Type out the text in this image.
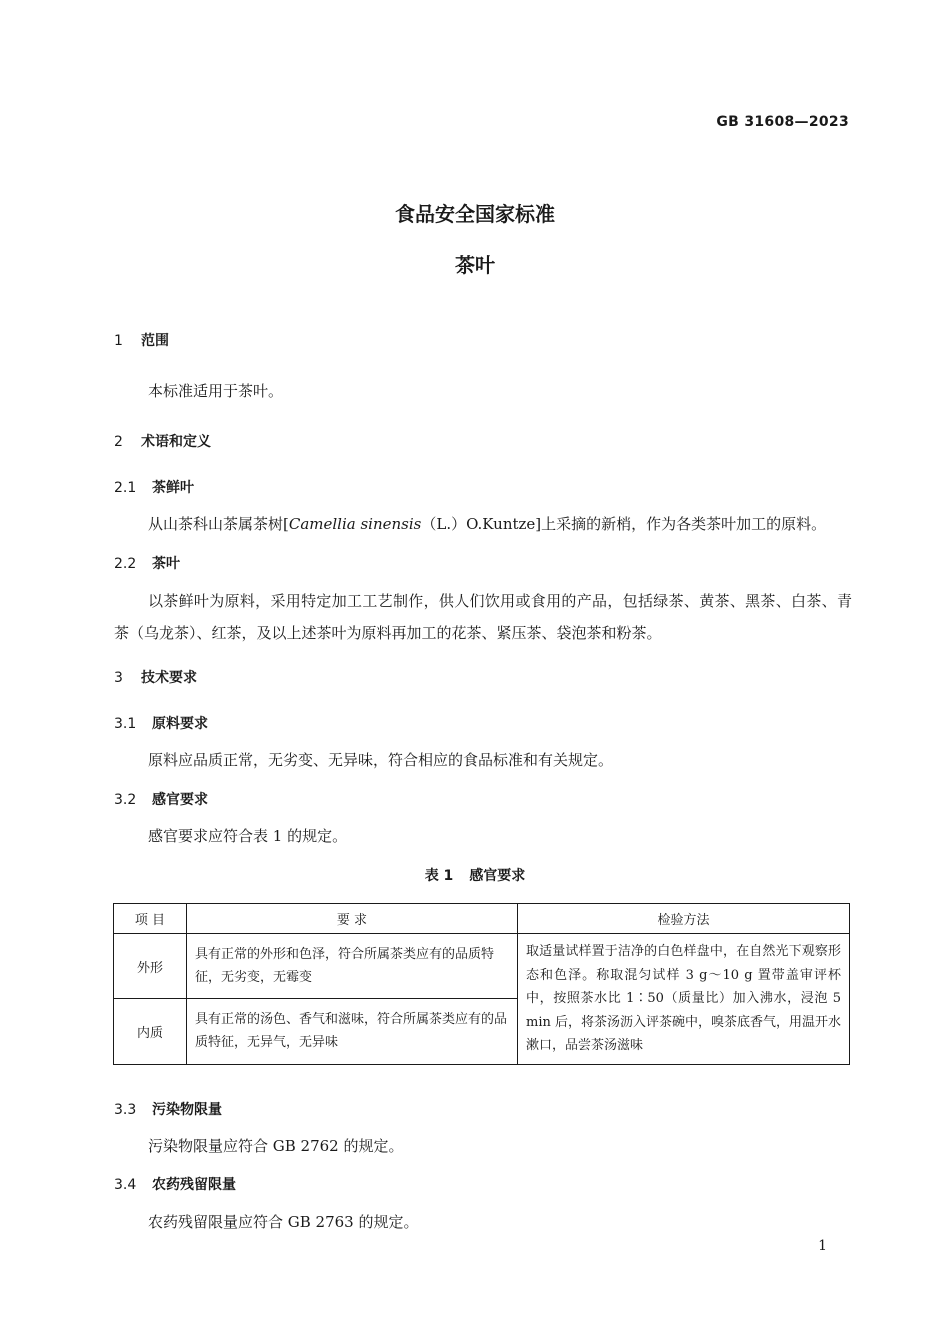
GB 31608—2023
食品安全国家标准
茶叶
1 范围
本标准适用于茶叶。
2 术语和定义
2.1 茶鲜叶
从山茶科山茶属茶树[Camellia sinensis（L.）O.Kuntze]上采摘的新梢，作为各类茶叶加工的原料。
2.2 茶叶
以茶鲜叶为原料，采用特定加工工艺制作，供人们饮用或食用的产品，包括绿茶、黄茶、黑茶、白茶、青茶（乌龙茶）、红茶，及以上述茶叶为原料再加工的花茶、紧压茶、袋泡茶和粉茶。
3 技术要求
3.1 原料要求
原料应品质正常，无劣变、无异味，符合相应的食品标准和有关规定。
3.2 感官要求
感官要求应符合表 1 的规定。
表 1 感官要求
项 目	要 求	检验方法
外形	具有正常的外形和色泽，符合所属茶类应有的品质特征，无劣变，无霉变	取适量试样置于洁净的白色样盘中，在自然光下观察形态和色泽。称取混匀试样 3 g～10 g 置带盖审评杯中，按照茶水比 1∶50（质量比）加入沸水，浸泡 5 min 后，将茶汤沥入评茶碗中，嗅茶底香气，用温开水漱口，品尝茶汤滋味
内质	具有正常的汤色、香气和滋味，符合所属茶类应有的品质特征，无异气，无异味	
3.3 污染物限量
污染物限量应符合 GB 2762 的规定。
3.4 农药残留限量
农药残留限量应符合 GB 2763 的规定。
1
